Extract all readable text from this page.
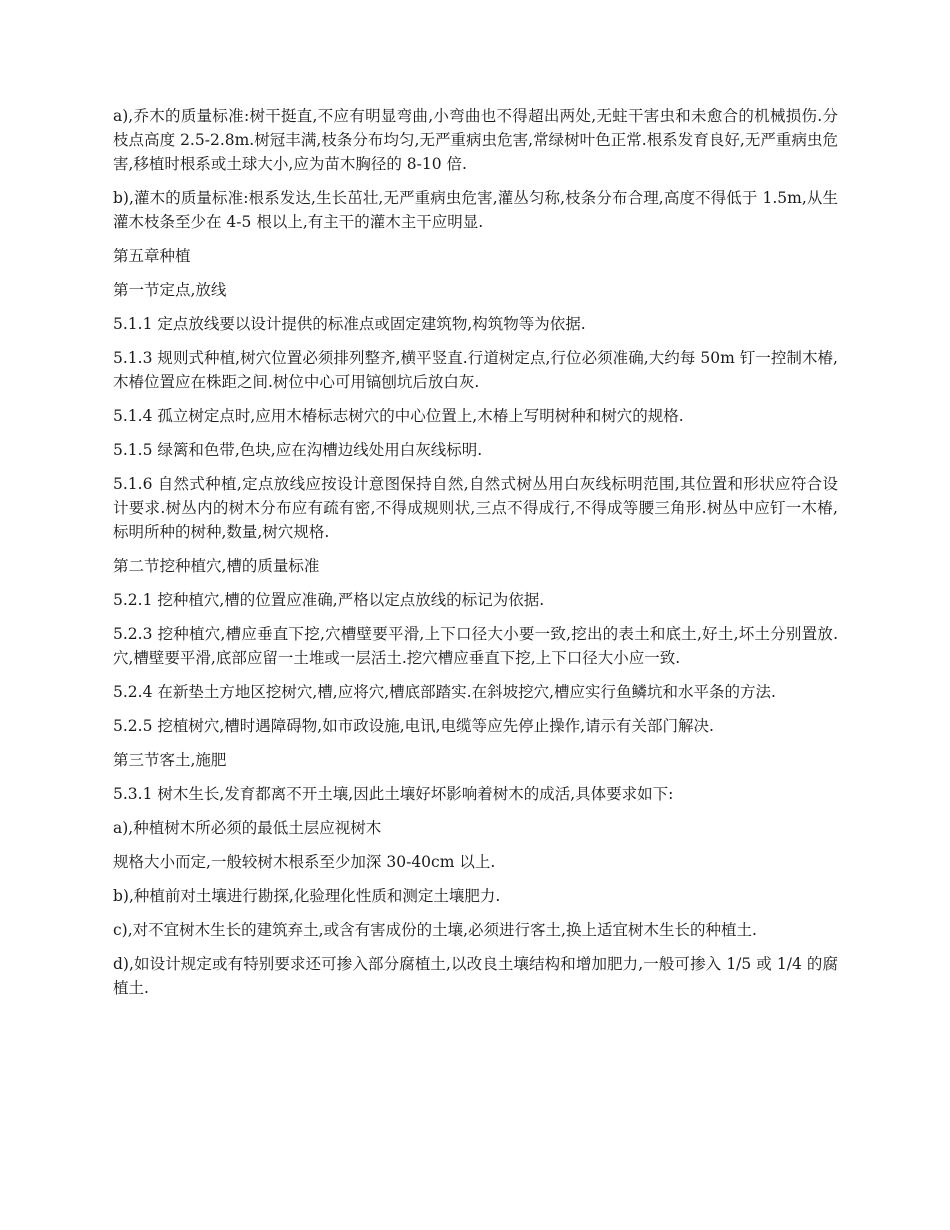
a),乔木的质量标准:树干挺直,不应有明显弯曲,小弯曲也不得超出两处,无蛀干害虫和未愈合的机械损伤.分枝点高度 2.5-2.8m.树冠丰满,枝条分布均匀,无严重病虫危害,常绿树叶色正常.根系发育良好,无严重病虫危害,移植时根系或土球大小,应为苗木胸径的 8-10 倍.

b),灌木的质量标准:根系发达,生长茁壮,无严重病虫危害,灌丛匀称,枝条分布合理,高度不得低于 1.5m,从生灌木枝条至少在 4-5 根以上,有主干的灌木主干应明显.

第五章种植

第一节定点,放线

5.1.1 定点放线要以设计提供的标准点或固定建筑物,构筑物等为依据.

5.1.3 规则式种植,树穴位置必须排列整齐,横平竖直.行道树定点,行位必须准确,大约每 50m 钉一控制木椿,木椿位置应在株距之间.树位中心可用镐刨坑后放白灰.

5.1.4 孤立树定点时,应用木椿标志树穴的中心位置上,木椿上写明树种和树穴的规格.

5.1.5 绿篱和色带,色块,应在沟槽边线处用白灰线标明.

5.1.6 自然式种植,定点放线应按设计意图保持自然,自然式树丛用白灰线标明范围,其位置和形状应符合设计要求.树丛内的树木分布应有疏有密,不得成规则状,三点不得成行,不得成等腰三角形.树丛中应钉一木椿,标明所种的树种,数量,树穴规格.

第二节挖种植穴,槽的质量标准

5.2.1 挖种植穴,槽的位置应准确,严格以定点放线的标记为依据.

5.2.3 挖种植穴,槽应垂直下挖,穴槽壁要平滑,上下口径大小要一致,挖出的表土和底土,好土,坏土分别置放.穴,槽壁要平滑,底部应留一土堆或一层活土.挖穴槽应垂直下挖,上下口径大小应一致.

5.2.4 在新垫土方地区挖树穴,槽,应将穴,槽底部踏实.在斜坡挖穴,槽应实行鱼鳞坑和水平条的方法.

5.2.5 挖植树穴,槽时遇障碍物,如市政设施,电讯,电缆等应先停止操作,请示有关部门解决.

第三节客土,施肥

5.3.1 树木生长,发育都离不开土壤,因此土壤好坏影响着树木的成活,具体要求如下:

a),种植树木所必须的最低土层应视树木

规格大小而定,一般较树木根系至少加深 30-40cm 以上.

b),种植前对土壤进行勘探,化验理化性质和测定土壤肥力.

c),对不宜树木生长的建筑弃土,或含有害成份的土壤,必须进行客土,换上适宜树木生长的种植土.

d),如设计规定或有特别要求还可掺入部分腐植土,以改良土壤结构和增加肥力,一般可掺入 1/5 或 1/4 的腐植土.
